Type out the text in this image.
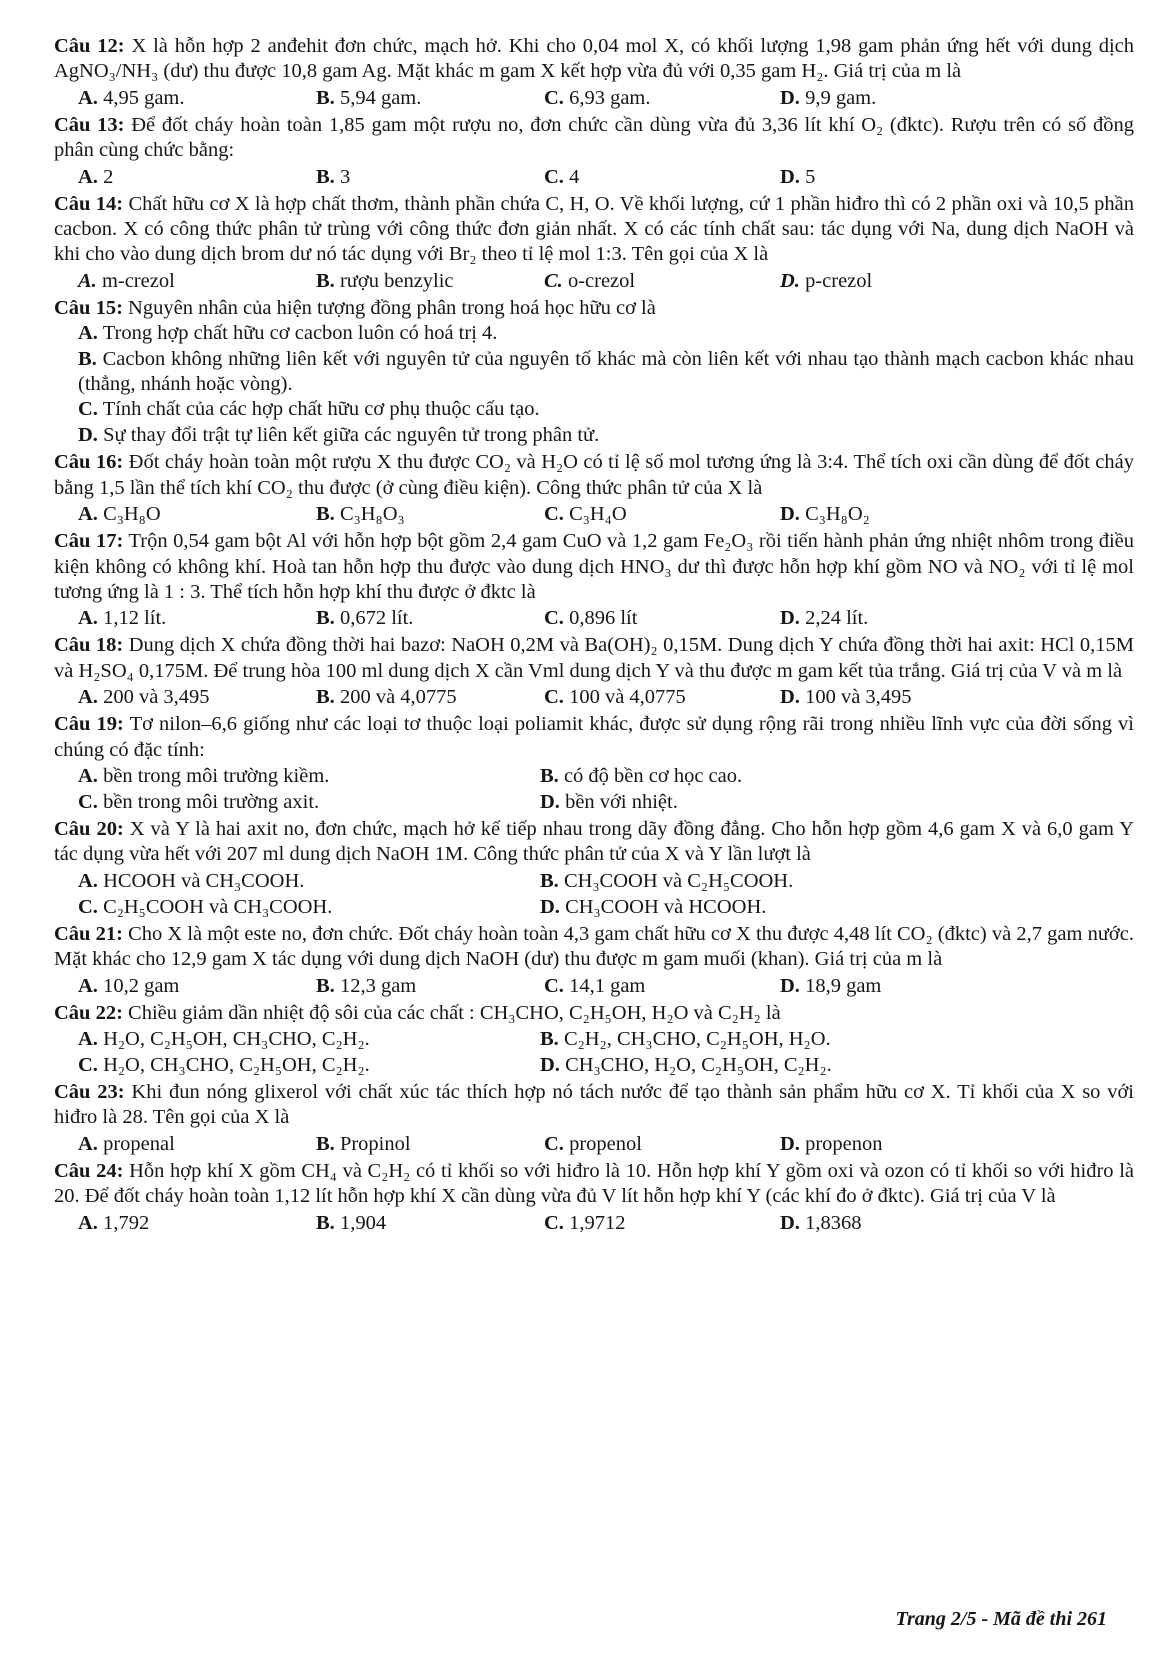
Câu 12: X là hỗn hợp 2 anđehit đơn chức, mạch hở. Khi cho 0,04 mol X, có khối lượng 1,98 gam phản ứng hết với dung dịch AgNO₃/NH₃ (dư) thu được 10,8 gam Ag. Mặt khác m gam X kết hợp vừa đủ với 0,35 gam H₂. Giá trị của m là
A. 4,95 gam.	B. 5,94 gam.	C. 6,93 gam.	D. 9,9 gam.
Câu 13: Để đốt cháy hoàn toàn 1,85 gam một rượu no, đơn chức cần dùng vừa đủ 3,36 lít khí O₂ (đktc). Rượu trên có số đồng phân cùng chức bằng:
A. 2	B. 3	C. 4	D. 5
Câu 14: Chất hữu cơ X là hợp chất thơm, thành phần chứa C, H, O. Về khối lượng, cứ 1 phần hiđro thì có 2 phần oxi và 10,5 phần cacbon. X có công thức phân tử trùng với công thức đơn giản nhất. X có các tính chất sau: tác dụng với Na, dung dịch NaOH và khi cho vào dung dịch brom dư nó tác dụng với Br₂ theo tỉ lệ mol 1:3. Tên gọi của X là
A. m-crezol	B. rượu benzylic	C. o-crezol	D. p-crezol
Câu 15: Nguyên nhân của hiện tượng đồng phân trong hoá học hữu cơ là
A. Trong hợp chất hữu cơ cacbon luôn có hoá trị 4.
B. Cacbon không những liên kết với nguyên tử của nguyên tố khác mà còn liên kết với nhau tạo thành mạch cacbon khác nhau (thẳng, nhánh hoặc vòng).
C. Tính chất của các hợp chất hữu cơ phụ thuộc cấu tạo.
D. Sự thay đổi trật tự liên kết giữa các nguyên tử trong phân tử.
Câu 16: Đốt cháy hoàn toàn một rượu X thu được CO₂ và H₂O có tỉ lệ số mol tương ứng là 3:4. Thể tích oxi cần dùng để đốt cháy bằng 1,5 lần thể tích khí CO₂ thu được (ở cùng điều kiện). Công thức phân tử của X là
A. C₃H₈O	B. C₃H₈O₃	C. C₃H₄O	D. C₃H₈O₂
Câu 17: Trộn 0,54 gam bột Al với hỗn hợp bột gồm 2,4 gam CuO và 1,2 gam Fe₂O₃ rồi tiến hành phản ứng nhiệt nhôm trong điều kiện không có không khí. Hoà tan hỗn hợp thu được vào dung dịch HNO₃ dư thì được hỗn hợp khí gồm NO và NO₂ với tỉ lệ mol tương ứng là 1 : 3. Thể tích hỗn hợp khí thu được ở đktc là
A. 1,12 lít.	B. 0,672 lít.	C. 0,896 lít	D. 2,24 lít.
Câu 18: Dung dịch X chứa đồng thời hai bazơ: NaOH 0,2M và Ba(OH)₂ 0,15M. Dung dịch Y chứa đồng thời hai axit: HCl 0,15M và H₂SO₄ 0,175M. Để trung hòa 100 ml dung dịch X cần Vml dung dịch Y và thu được m gam kết tủa trắng. Giá trị của V và m là
A. 200 và 3,495	B. 200 và 4,0775	C. 100 và 4,0775	D. 100 và 3,495
Câu 19: Tơ nilon–6,6 giống như các loại tơ thuộc loại poliamit khác, được sử dụng rộng rãi trong nhiều lĩnh vực của đời sống vì chúng có đặc tính:
A. bền trong môi trường kiềm.	B. có độ bền cơ học cao.
C. bền trong môi trường axit.	D. bền với nhiệt.
Câu 20: X và Y là hai axit no, đơn chức, mạch hở kế tiếp nhau trong dãy đồng đẳng. Cho hỗn hợp gồm 4,6 gam X và 6,0 gam Y tác dụng vừa hết với 207 ml dung dịch NaOH 1M. Công thức phân tử của X và Y lần lượt là
A. HCOOH và CH₃COOH.	B. CH₃COOH và C₂H₅COOH.
C. C₂H₅COOH và CH₃COOH.	D. CH₃COOH và HCOOH.
Câu 21: Cho X là một este no, đơn chức. Đốt cháy hoàn toàn 4,3 gam chất hữu cơ X thu được 4,48 lít CO₂ (đktc) và 2,7 gam nước. Mặt khác cho 12,9 gam X tác dụng với dung dịch NaOH (dư) thu được m gam muối (khan). Giá trị của m là
A. 10,2 gam	B. 12,3 gam	C. 14,1 gam	D. 18,9 gam
Câu 22: Chiều giảm dần nhiệt độ sôi của các chất : CH₃CHO, C₂H₅OH, H₂O và C₂H₂ là
A. H₂O, C₂H₅OH, CH₃CHO, C₂H₂.	B. C₂H₂, CH₃CHO, C₂H₅OH, H₂O.
C. H₂O, CH₃CHO, C₂H₅OH, C₂H₂.	D. CH₃CHO, H₂O, C₂H₅OH, C₂H₂.
Câu 23: Khi đun nóng glixerol với chất xúc tác thích hợp nó tách nước để tạo thành sản phẩm hữu cơ X. Tỉ khối của X so với hiđro là 28. Tên gọi của X là
A. propenal	B. Propinol	C. propenol	D. propenon
Câu 24: Hỗn hợp khí X gồm CH₄ và C₂H₂ có tỉ khối so với hiđro là 10. Hỗn hợp khí Y gồm oxi và ozon có tỉ khối so với hiđro là 20. Để đốt cháy hoàn toàn 1,12 lít hỗn hợp khí X cần dùng vừa đủ V lít hỗn hợp khí Y (các khí đo ở đktc). Giá trị của V là
A. 1,792	B. 1,904	C. 1,9712	D. 1,8368
Trang 2/5 - Mã đề thi 261
